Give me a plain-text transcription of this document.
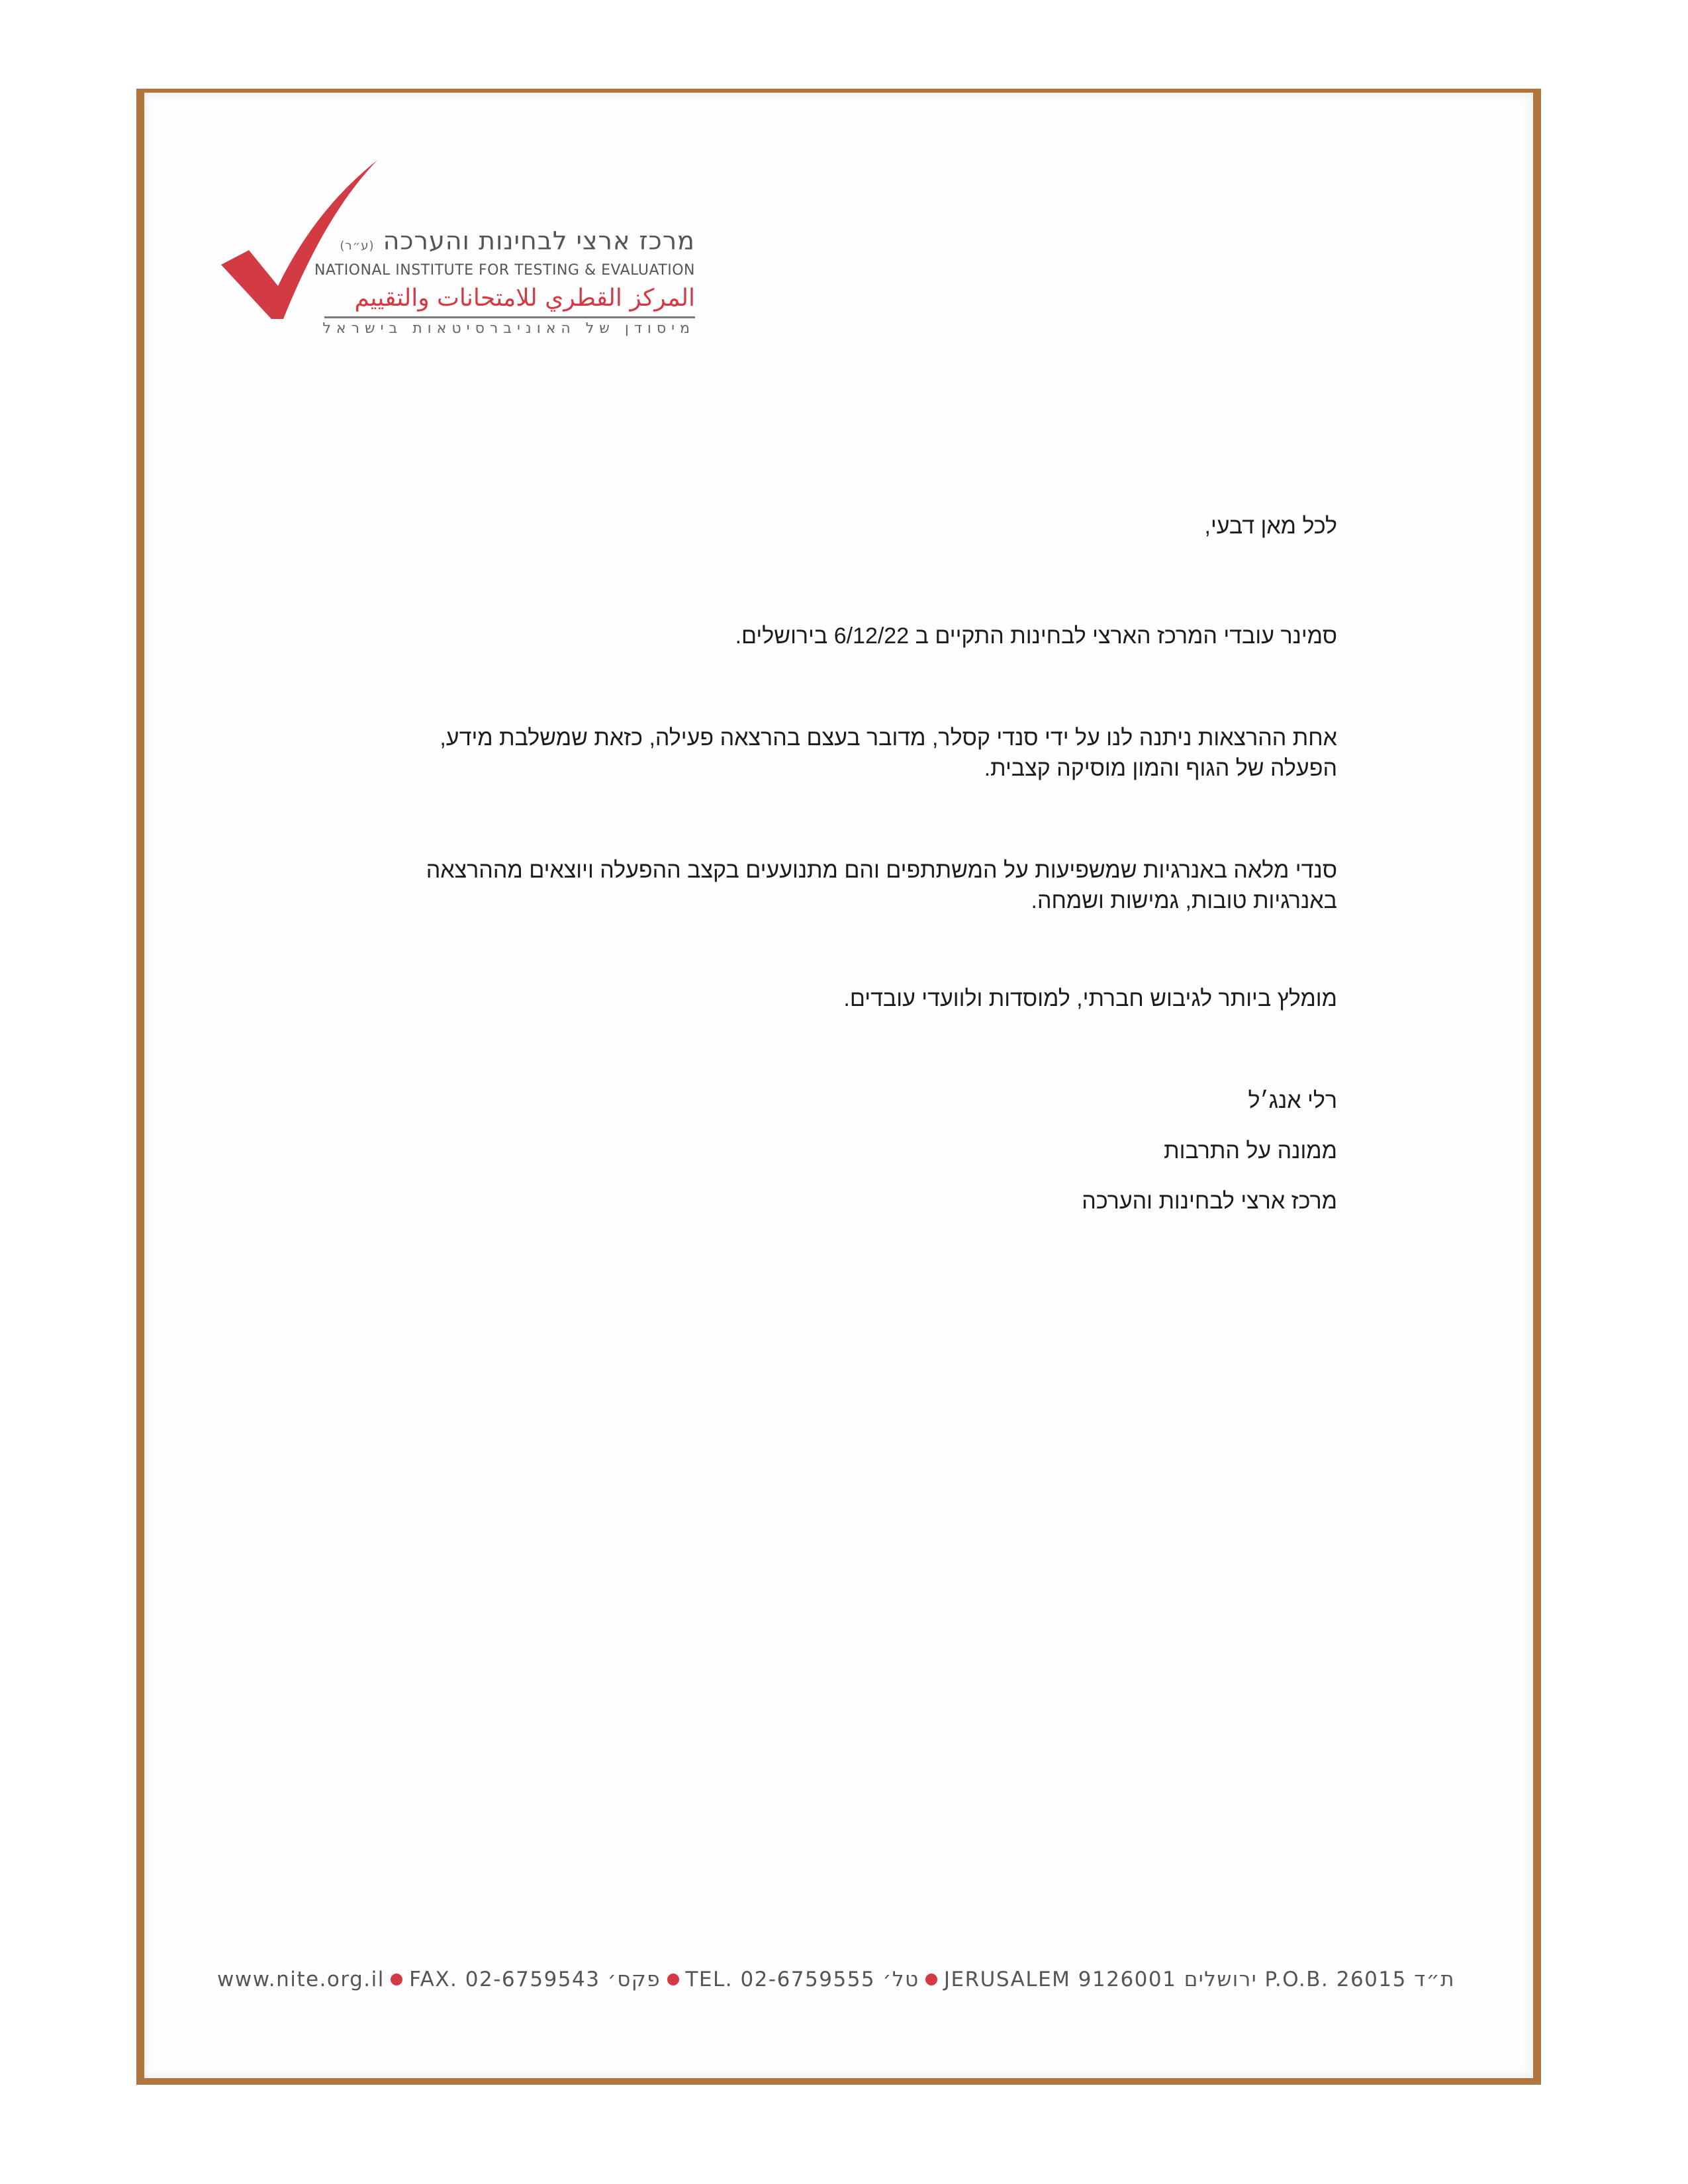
מרכז ארצי לבחינות והערכה (ע״ר)
NATIONAL INSTITUTE FOR TESTING & EVALUATION
المركز القطري للامتحانات والتقييم
מיסודן של האוניברסיטאות בישראל
לכל מאן דבעי,
סמינר עובדי המרכז הארצי לבחינות התקיים ב 6/12/22 בירושלים.
אחת ההרצאות ניתנה לנו על ידי סנדי קסלר, מדובר בעצם בהרצאה פעילה, כזאת שמשלבת מידע, הפעלה של הגוף והמון מוסיקה קצבית.
סנדי מלאה באנרגיות שמשפיעות על המשתתפים והם מתנועעים בקצב ההפעלה ויוצאים מההרצאה באנרגיות טובות, גמישות ושמחה.
מומלץ ביותר לגיבוש חברתי, למוסדות ולוועדי עובדים.
רלי אנג׳ל
ממונה על התרבות
מרכז ארצי לבחינות והערכה
www.nite.org.il FAX. 02-6759543 פקס׳ TEL. 02-6759555 טל׳ JERUSALEM 9126001 ירושלים P.O.B. 26015 ת״ד
